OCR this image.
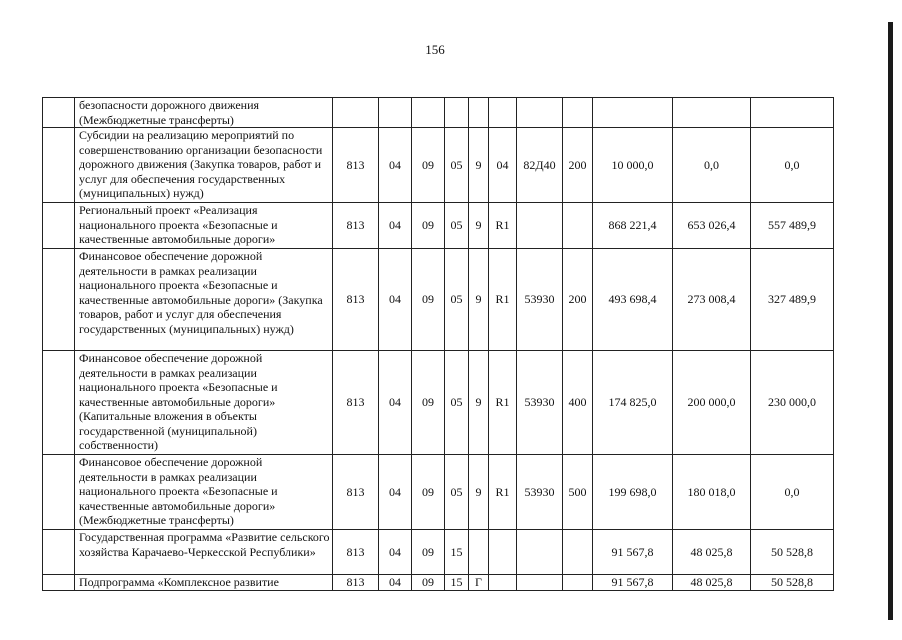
156
	безопасности дорожного движения (Межбюджетные трансферты)											
	Субсидии на реализацию мероприятий по совершенствованию организации безопасности дорожного движения (Закупка товаров, работ и услуг для обеспечения государственных (муниципальных) нужд)	813	04	09	05	9	04	82Д40	200	10 000,0	0,0	0,0
	Региональный проект «Реализация национального проекта «Безопасные и качественные автомобильные дороги»	813	04	09	05	9	R1			868 221,4	653 026,4	557 489,9
	Финансовое обеспечение дорожной деятельности в рамках реализации национального проекта «Безопасные и качественные автомобильные дороги» (Закупка товаров, работ и услуг для обеспечения государственных (муниципальных) нужд)	813	04	09	05	9	R1	53930	200	493 698,4	273 008,4	327 489,9
	Финансовое обеспечение дорожной деятельности в рамках реализации национального проекта «Безопасные и качественные автомобильные дороги» (Капитальные вложения в объекты государственной (муниципальной) собственности)	813	04	09	05	9	R1	53930	400	174 825,0	200 000,0	230 000,0
	Финансовое обеспечение дорожной деятельности в рамках реализации национального проекта «Безопасные и качественные автомобильные дороги» (Межбюджетные трансферты)	813	04	09	05	9	R1	53930	500	199 698,0	180 018,0	0,0
	Государственная программа «Развитие сельского хозяйства Карачаево-Черкесской Республики»	813	04	09	15					91 567,8	48 025,8	50 528,8
	Подпрограмма «Комплексное развитие	813	04	09	15	Г				91 567,8	48 025,8	50 528,8
